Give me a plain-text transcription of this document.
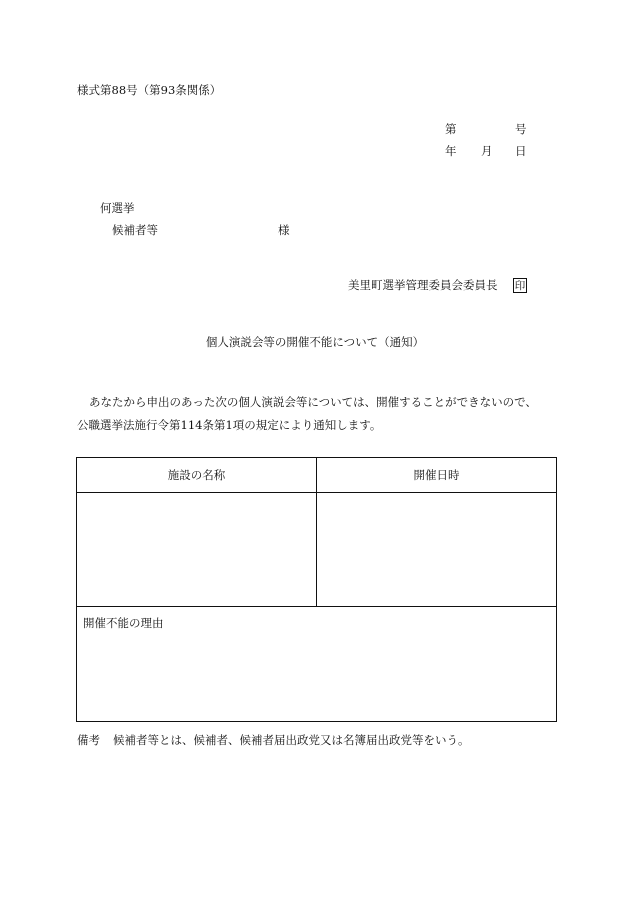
様式第88号（第93条関係）
第	号
年 月 日
何選挙
候補者等	様
美里町選挙管理委員会委員長 印
個人演説会等の開催不能について（通知）
あなたから申出のあった次の個人演説会等については、開催することができないので、
公職選挙法施行令第114条第1項の規定により通知します。
施設の名称	開催日時
開催不能の理由
備考 候補者等とは、候補者、候補者届出政党又は名簿届出政党等をいう。
